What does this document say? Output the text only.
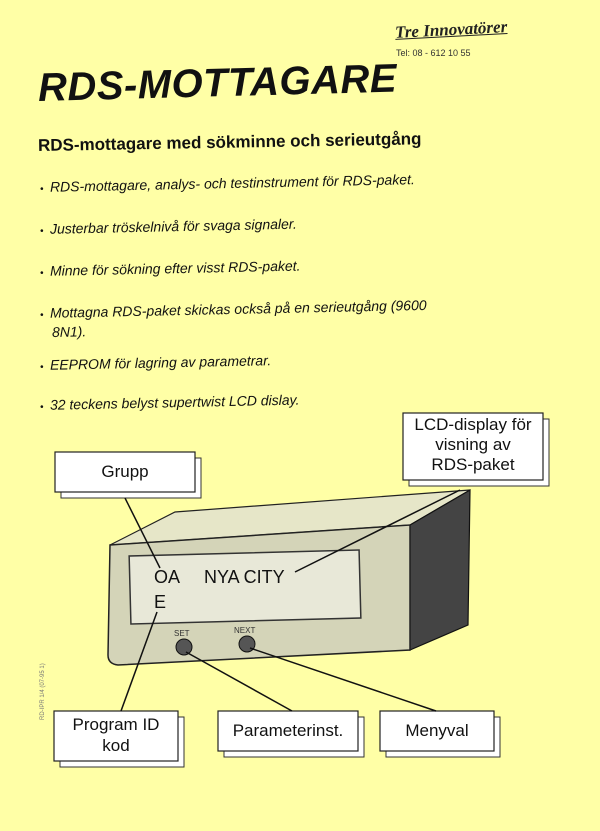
Tre Innovatörer
Tel: 08 - 612 10 55
RDS-MOTTAGARE
RDS-mottagare med sökminne och serieutgång
• RDS-mottagare, analys- och testinstrument för RDS-paket.
• Justerbar tröskelnivå för svaga signaler.
• Minne för sökning efter visst RDS-paket.
• Mottagna RDS-paket skickas också på en serieutgång (9600
8N1).
• EEPROM för lagring av parametrar.
• 32 teckens belyst supertwist LCD dislay.
SET	NEXT
OA
E
NYA CITY
Grupp
LCD-display för
visning av
RDS-paket
Program ID
kod
Parameterinst.	Menyval
RD-IPR 1/4 (07-95 1)
